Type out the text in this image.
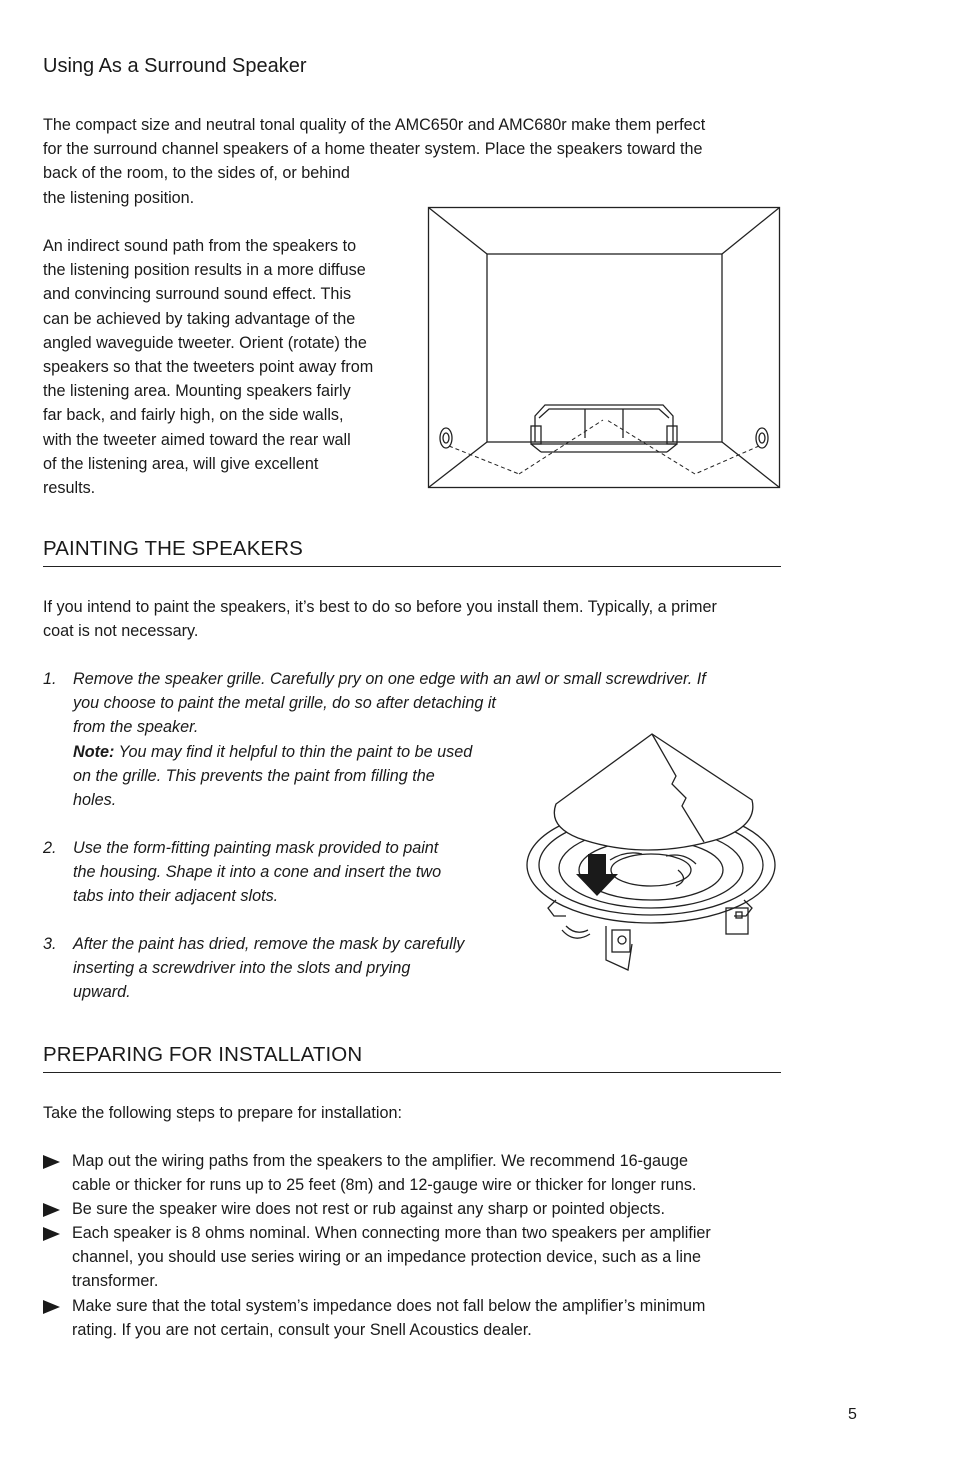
Using As a Surround Speaker

The compact size and neutral tonal quality of the AMC650r and AMC680r make them perfect

for the surround channel speakers of a home theater system. Place the speakers toward the

back of the room, to the sides of, or behind

the listening position.

An indirect sound path from the speakers to

the listening position results in a more diffuse

and convincing surround sound effect. This

can be achieved by taking advantage of the

angled waveguide tweeter. Orient (rotate) the

speakers so that the tweeters point away from

the listening area. Mounting speakers fairly

far back, and fairly high, on the side walls,

with the tweeter aimed toward the rear wall

of the listening area, will give excellent

results.

PAINTING THE SPEAKERS

If you intend to paint the speakers, it’s best to do so before you install them. Typically, a primer

coat is not necessary.

1. Remove the speaker grille. Carefully pry on one edge with an awl or small screwdriver. If
you choose to paint the metal grille, do so after detaching it
from the speaker.
Note: You may find it helpful to thin the paint to be used
on the grille. This prevents the paint from filling the
holes.
2. Use the form-fitting painting mask provided to paint
the housing. Shape it into a cone and insert the two
tabs into their adjacent slots.
3. After the paint has dried, remove the mask by carefully
inserting a screwdriver into the slots and prying
upward.
PREPARING FOR INSTALLATION

Take the following steps to prepare for installation:

Map out the wiring paths from the speakers to the amplifier. We recommend 16-gauge
cable or thicker for runs up to 25 feet (8m) and 12-gauge wire or thicker for longer runs.
Be sure the speaker wire does not rest or rub against any sharp or pointed objects.
Each speaker is 8 ohms nominal. When connecting more than two speakers per amplifier
channel, you should use series wiring or an impedance protection device, such as a line
transformer.
Make sure that the total system’s impedance does not fall below the amplifier’s minimum
rating. If you are not certain, consult your Snell Acoustics dealer.
5
